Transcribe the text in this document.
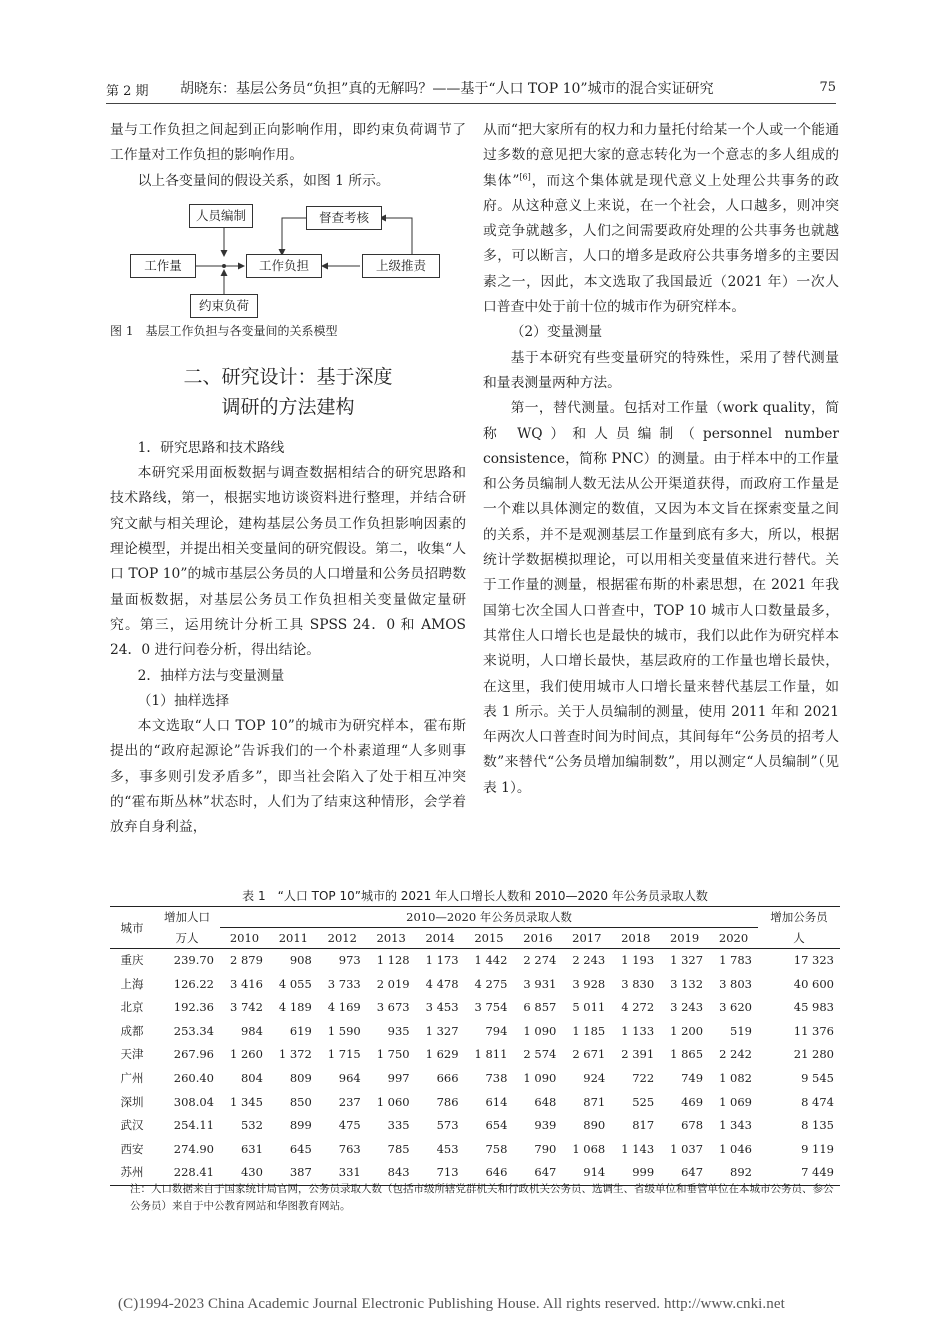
第 2 期 胡晓东：基层公务员“负担”真的无解吗？——基于“人口 TOP 10”城市的混合实证研究	75

量与工作负担之间起到正向影响作用，即约束负荷调节了工作量对工作负担的影响作用。

以上各变量间的假设关系，如图 1 所示。

人员编制	督查考核
工作量	工作负担	上级推责
约束负荷
图 1　基层工作负担与各变量间的关系模型
二、研究设计：基于深度
调研的方法建构

1．研究思路和技术路线

本研究采用面板数据与调查数据相结合的研究思路和技术路线，第一，根据实地访谈资料进行整理，并结合研究文献与相关理论，建构基层公务员工作负担影响因素的理论模型，并提出相关变量间的研究假设。第二，收集“人口 TOP 10”的城市基层公务员的人口增量和公务员招聘数量面板数据，对基层公务员工作负担相关变量做定量研究。第三，运用统计分析工具 SPSS 24．0 和 AMOS 24．0 进行问卷分析，得出结论。

2．抽样方法与变量测量

（1）抽样选择

本文选取“人口 TOP 10”的城市为研究样本，霍布斯提出的“政府起源论”告诉我们的一个朴素道理“人多则事多，事多则引发矛盾多”，即当社会陷入了处于相互冲突的“霍布斯丛林”状态时，人们为了结束这种情形，会学着放弃自身利益，

从而“把大家所有的权力和力量托付给某一个人或一个能通过多数的意见把大家的意志转化为一个意志的多人组成的集体”[6]，而这个集体就是现代意义上处理公共事务的政府。从这种意义上来说，在一个社会，人口越多，则冲突或竞争就越多，人们之间需要政府处理的公共事务也就越多，可以断言，人口的增多是政府公共事务增多的主要因素之一，因此，本文选取了我国最近（2021 年）一次人口普查中处于前十位的城市作为研究样本。

（2）变量测量

基于本研究有些变量研究的特殊性，采用了替代测量和量表测量两种方法。

第一，替代测量。包括对工作量（work quality，简称 WQ）和人员编制（personnel number consistence，简称 PNC）的测量。由于样本中的工作量和公务员编制人数无法从公开渠道获得，而政府工作量是一个难以具体测定的数值，又因为本文旨在探索变量之间的关系，并不是观测基层工作量到底有多大，所以，根据统计学数据模拟理论，可以用相关变量值来进行替代。关于工作量的测量，根据霍布斯的朴素思想，在 2021 年我国第七次全国人口普查中，TOP 10 城市人口数量最多，其常住人口增长也是最快的城市，我们以此作为研究样本来说明，人口增长最快，基层政府的工作量也增长最快，在这里，我们使用城市人口增长量来替代基层工作量，如表 1 所示。关于人员编制的测量，使用 2011 年和 2021 年两次人口普查时间为时间点，其间每年“公务员的招考人数”来替代“公务员增加编制数”，用以测定“人员编制”（见表 1）。

表 1　“人口 TOP 10”城市的 2021 年人口增长人数和 2010—2020 年公务员录取人数
城市	增加人口	2010—2020 年公务员录取人数											增加公务员
	万人	2010	2011	2012	2013	2014	2015	2016	2017	2018	2019	2020	人
重庆	239.70	2 879	908	973	1 128	1 173	1 442	2 274	2 243	1 193	1 327	1 783	17 323
上海	126.22	3 416	4 055	3 733	2 019	4 478	4 275	3 931	3 928	3 830	3 132	3 803	40 600
北京	192.36	3 742	4 189	4 169	3 673	3 453	3 754	6 857	5 011	4 272	3 243	3 620	45 983
成都	253.34	984	619	1 590	935	1 327	794	1 090	1 185	1 133	1 200	519	11 376
天津	267.96	1 260	1 372	1 715	1 750	1 629	1 811	2 574	2 671	2 391	1 865	2 242	21 280
广州	260.40	804	809	964	997	666	738	1 090	924	722	749	1 082	9 545
深圳	308.04	1 345	850	237	1 060	786	614	648	871	525	469	1 069	8 474
武汉	254.11	532	899	475	335	573	654	939	890	817	678	1 343	8 135
西安	274.90	631	645	763	785	453	758	790	1 068	1 143	1 037	1 046	9 119
苏州	228.41	430	387	331	843	713	646	647	914	999	647	892	7 449
注：人口数据来自于国家统计局官网，公务员录取人数（包括市级所辖党群机关和行政机关公务员、选调生、省级单位和垂管单位在本城市公务员、参公公务员）来自于中公教育网站和华图教育网站。
(C)1994-2023 China Academic Journal Electronic Publishing House. All rights reserved. http://www.cnki.net
